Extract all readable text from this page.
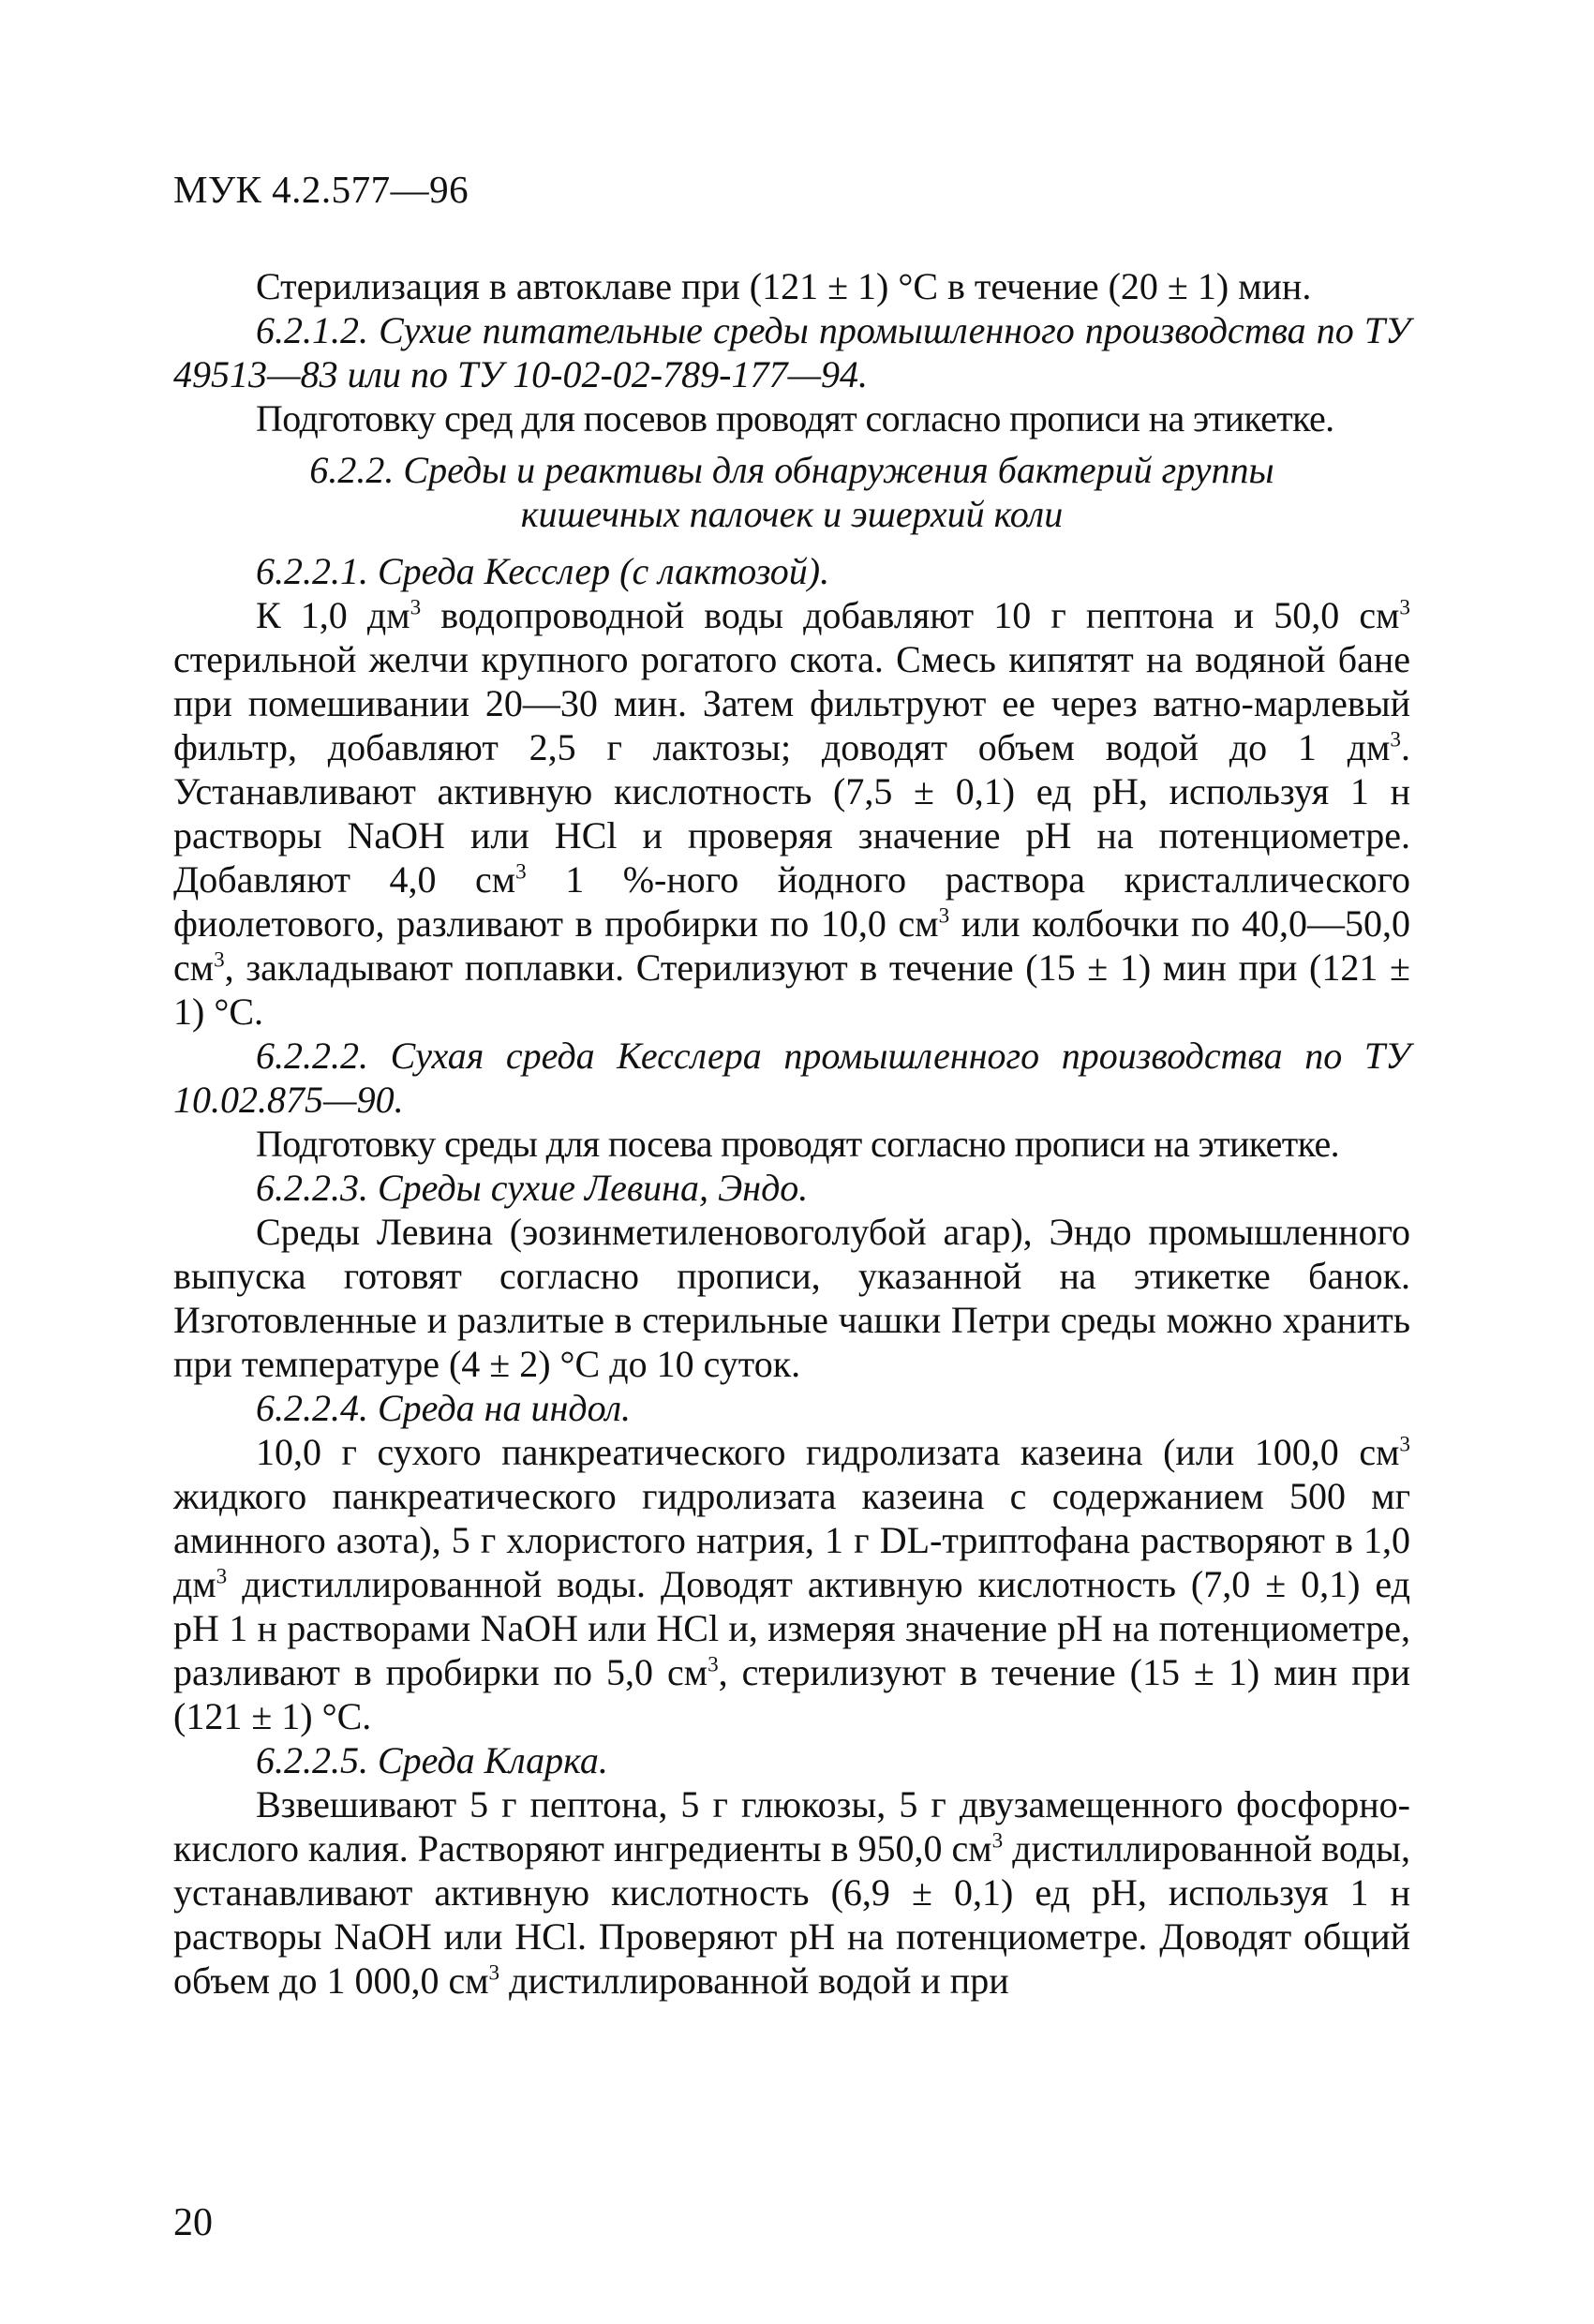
МУК 4.2.577—96

Стерилизация в автоклаве при (121 ± 1) °С в течение (20 ± 1) мин.

6.2.1.2. Сухие питательные среды промышленного производства по ТУ 49513—83 или по ТУ 10-02-02-789-177—94.

Подготовку сред для посевов проводят согласно прописи на этикетке.

6.2.2. Среды и реактивы для обнаружения бактерий группы
кишечных палочек и эшерхий коли

6.2.2.1. Среда Кесслер (с лактозой).

К 1,0 $дм^3$ водопроводной воды добавляют 10 г пептона и 50,0 $см^3$ стерильной желчи крупного рогатого скота. Смесь кипятят на водяной бане при помешивании 20—30 мин. Затем фильтруют ее через ватно-марлевый фильтр, добавляют 2,5 г лактозы; доводят объем водой до 1 $дм^3$. Устанавливают активную кислотность (7,5 ± 0,1) ед pH, используя 1 н растворы NaOH или HCl и проверяя значение pH на потенциометре. Добавляют 4,0 $см^3$ 1 %-ного йодного раствора кристаллического фиолетового, разливают в пробирки по 10,0 $см^3$ или колбочки по 40,0—50,0 $см^3$, закладывают поплавки. Стерилизуют в течение (15 ± 1) мин при (121 ± 1) °С.

6.2.2.2. Сухая среда Кесслера промышленного производства по ТУ 10.02.875—90.

Подготовку среды для посева проводят согласно прописи на этикетке.

6.2.2.3. Среды сухие Левина, Эндо.

Среды Левина (эозинметиленовоголубой агар), Эндо промышленного выпуска готовят согласно прописи, указанной на этикетке банок. Изготовленные и разлитые в стерильные чашки Петри среды можно хранить при температуре (4 ± 2) °С до 10 суток.

6.2.2.4. Среда на индол.

10,0 г сухого панкреатического гидролизата казеина (или 100,0 $см^3$ жидкого панкреатического гидролизата казеина с содержанием 500 мг аминного азота), 5 г хлористого натрия, 1 г DL-триптофана растворяют в 1,0 $дм^3$ дистиллированной воды. Доводят активную кислотность (7,0 ± 0,1) ед pH 1 н растворами NaOH или HCl и, измеряя значение pH на потенциометре, разливают в пробирки по 5,0 $см^3$, стерилизуют в течение (15 ± 1) мин при (121 ± 1) °С.

6.2.2.5. Среда Кларка.

Взвешивают 5 г пептона, 5 г глюкозы, 5 г двузамещенного фосфорно-кислого калия. Растворяют ингредиенты в 950,0 $см^3$ дистиллированной воды, устанавливают активную кислотность (6,9 ± 0,1) ед pH, используя 1 н растворы NaOH или HCl. Проверяют pH на потенциометре. Доводят общий объем до 1 000,0 $см^3$ дистиллированной водой и при

20
